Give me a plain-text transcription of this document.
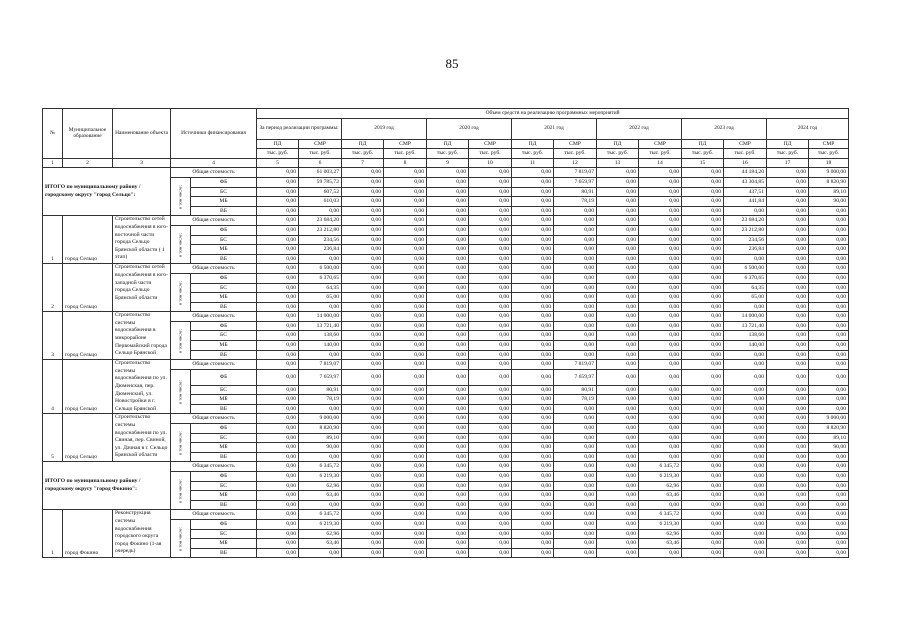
85
№	Муниципальное образование	Наименование объекта	Источники финансирования		Объем средств на реализацию программных мероприятий													
					За период реализации программы:		2019 год		2020 год		2021 год		2022 год		2023 год		2024 год	
					ПД	СМР	ПД	СМР	ПД	СМР	ПД	СМР	ПД	СМР	ПД	СМР	ПД	СМР
					тыс. руб.	тыс. руб.	тыс. руб.	тыс. руб.	тыс. руб.	тыс. руб.	тыс. руб.	тыс. руб.	тыс. руб.	тыс. руб.	тыс. руб.	тыс. руб.	тыс. руб.	тыс. руб.
1	2	3	4		5	6	7	8	9	10	11	12	13	14	15	16	17	18
ИТОГО по муниципальному району / городскому округу "город Сельцо":			Общая стоимость		0,00	61 003,27	0,00	0,00	0,00	0,00	0,00	7 819,07	0,00	0,00	0,00	44 184,20	0,00	9 000,00

			в том числе:	ФБ	0,00	59 785,72	0,00	0,00	0,00	0,00	0,00	7 659,97	0,00	0,00	0,00	43 304,85	0,00	8 820,90
				БС	0,00	607,52	0,00	0,00	0,00	0,00	0,00	80,91	0,00	0,00	0,00	437,51	0,00	89,10
				МБ	0,00	610,03	0,00	0,00	0,00	0,00	0,00	78,19	0,00	0,00	0,00	441,84	0,00	90,00
				ВБ	0,00	0,00	0,00	0,00	0,00	0,00	0,00	0,00	0,00	0,00	0,00	0,00	0,00	0,00
1	город Сельцо	Строительство сетей водоснабжения в юго-восточной части города Сельцо Брянской области ( 1 этап)	Общая стоимость		0,00	23 684,20	0,00	0,00	0,00	0,00	0,00	0,00	0,00	0,00	0,00	23 684,20	0,00	0,00

			в том числе:	ФБ	0,00	23 212,80	0,00	0,00	0,00	0,00	0,00	0,00	0,00	0,00	0,00	23 212,80	0,00	0,00
				БС	0,00	234,56	0,00	0,00	0,00	0,00	0,00	0,00	0,00	0,00	0,00	234,56	0,00	0,00
				МБ	0,00	236,84	0,00	0,00	0,00	0,00	0,00	0,00	0,00	0,00	0,00	236,84	0,00	0,00
				ВБ	0,00	0,00	0,00	0,00	0,00	0,00	0,00	0,00	0,00	0,00	0,00	0,00	0,00	0,00
2	город Сельцо	Строительство сетей водоснабжения в юго-западной части города Сельцо Брянской области	Общая стоимость		0,00	6 500,00	0,00	0,00	0,00	0,00	0,00	0,00	0,00	0,00	0,00	6 500,00	0,00	0,00

			в том числе:	ФБ	0,00	6 370,65	0,00	0,00	0,00	0,00	0,00	0,00	0,00	0,00	0,00	6 370,65	0,00	0,00
				БС	0,00	64,35	0,00	0,00	0,00	0,00	0,00	0,00	0,00	0,00	0,00	64,35	0,00	0,00
				МБ	0,00	65,00	0,00	0,00	0,00	0,00	0,00	0,00	0,00	0,00	0,00	65,00	0,00	0,00
				ВБ	0,00	0,00	0,00	0,00	0,00	0,00	0,00	0,00	0,00	0,00	0,00	0,00	0,00	0,00
3	город Сельцо	Строительство системы водоснабжения в микрорайоне Первомайский города Сельцо Брянской	Общая стоимость		0,00	14 000,00	0,00	0,00	0,00	0,00	0,00	0,00	0,00	0,00	0,00	14 000,00	0,00	0,00

			в том числе:	ФБ	0,00	13 721,40	0,00	0,00	0,00	0,00	0,00	0,00	0,00	0,00	0,00	13 721,40	0,00	0,00
				БС	0,00	138,60	0,00	0,00	0,00	0,00	0,00	0,00	0,00	0,00	0,00	138,60	0,00	0,00
				МБ	0,00	140,00	0,00	0,00	0,00	0,00	0,00	0,00	0,00	0,00	0,00	140,00	0,00	0,00
				ВБ	0,00	0,00	0,00	0,00	0,00	0,00	0,00	0,00	0,00	0,00	0,00	0,00	0,00	0,00
4	город Сельцо	Строительство системы водоснабжения по ул. Дюменская, пер. Дюменский, ул. Новостройки в г. Сельцо Брянской	Общая стоимость		0,00	7 819,07	0,00	0,00	0,00	0,00	0,00	7 819,07	0,00	0,00	0,00	0,00	0,00	0,00

			в том числе:	ФБ	0,00	7 659,97	0,00	0,00	0,00	0,00	0,00	7 659,97	0,00	0,00	0,00	0,00	0,00	0,00
				БС	0,00	80,91	0,00	0,00	0,00	0,00	0,00	80,91	0,00	0,00	0,00	0,00	0,00	0,00
				МБ	0,00	78,19	0,00	0,00	0,00	0,00	0,00	78,19	0,00	0,00	0,00	0,00	0,00	0,00
				ВБ	0,00	0,00	0,00	0,00	0,00	0,00	0,00	0,00	0,00	0,00	0,00	0,00	0,00	0,00
5	город Сельцо	Строительство системы водоснабжения по ул. Свиная, пер. Свиной, ул. Дачная в г. Сельцо Брянской области	Общая стоимость		0,00	9 000,00	0,00	0,00	0,00	0,00	0,00	0,00	0,00	0,00	0,00	0,00	0,00	9 000,00

			в том числе:	ФБ	0,00	8 820,90	0,00	0,00	0,00	0,00	0,00	0,00	0,00	0,00	0,00	0,00	0,00	8 820,90
				БС	0,00	89,10	0,00	0,00	0,00	0,00	0,00	0,00	0,00	0,00	0,00	0,00	0,00	89,10
				МБ	0,00	90,00	0,00	0,00	0,00	0,00	0,00	0,00	0,00	0,00	0,00	0,00	0,00	90,00
				ВБ	0,00	0,00	0,00	0,00	0,00	0,00	0,00	0,00	0,00	0,00	0,00	0,00	0,00	0,00
ИТОГО по муниципальному району / городскому округу "город Фокино":			Общая стоимость		0,00	6 345,72	0,00	0,00	0,00	0,00	0,00	0,00	0,00	6 345,72	0,00	0,00	0,00	0,00

			в том числе:	ФБ	0,00	6 219,30	0,00	0,00	0,00	0,00	0,00	0,00	0,00	6 219,30	0,00	0,00	0,00	0,00
				БС	0,00	62,96	0,00	0,00	0,00	0,00	0,00	0,00	0,00	62,96	0,00	0,00	0,00	0,00
				МБ	0,00	63,46	0,00	0,00	0,00	0,00	0,00	0,00	0,00	63,46	0,00	0,00	0,00	0,00
				ВБ	0,00	0,00	0,00	0,00	0,00	0,00	0,00	0,00	0,00	0,00	0,00	0,00	0,00	0,00
1	город Фокино	Реконструкция системы водоснабжения городского округа город Фокино (1-ая очередь)	Общая стоимость		0,00	6 345,72	0,00	0,00	0,00	0,00	0,00	0,00	0,00	6 345,72	0,00	0,00	0,00	0,00

			в том числе:	ФБ	0,00	6 219,30	0,00	0,00	0,00	0,00	0,00	0,00	0,00	6 219,30	0,00	0,00	0,00	0,00
				БС	0,00	62,96	0,00	0,00	0,00	0,00	0,00	0,00	0,00	62,96	0,00	0,00	0,00	0,00
				МБ	0,00	63,46	0,00	0,00	0,00	0,00	0,00	0,00	0,00	63,46	0,00	0,00	0,00	0,00
				ВБ	0,00	0,00	0,00	0,00	0,00	0,00	0,00	0,00	0,00	0,00	0,00	0,00	0,00	0,00
